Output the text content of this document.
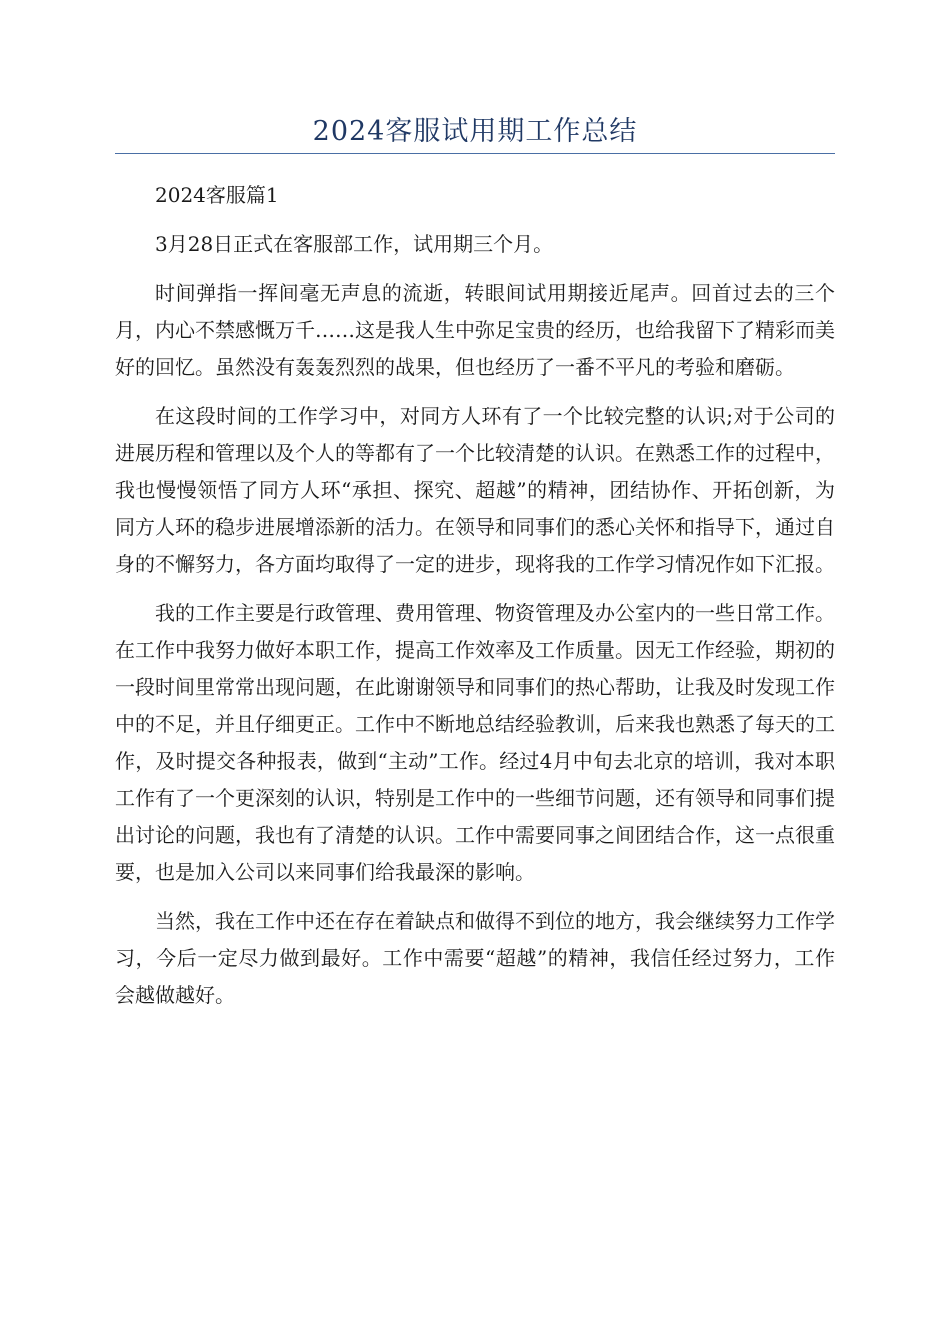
2024客服试用期工作总结

2024客服篇1

3月28日正式在客服部工作，试用期三个月。

时间弹指一挥间毫无声息的流逝，转眼间试用期接近尾声。回首过去的三个月，内心不禁感慨万千……这是我人生中弥足宝贵的经历，也给我留下了精彩而美好的回忆。虽然没有轰轰烈烈的战果，但也经历了一番不平凡的考验和磨砺。

在这段时间的工作学习中，对同方人环有了一个比较完整的认识;对于公司的进展历程和管理以及个人的等都有了一个比较清楚的认识。在熟悉工作的过程中，我也慢慢领悟了同方人环“承担、探究、超越”的精神，团结协作、开拓创新，为同方人环的稳步进展增添新的活力。在领导和同事们的悉心关怀和指导下，通过自身的不懈努力，各方面均取得了一定的进步，现将我的工作学习情况作如下汇报。

我的工作主要是行政管理、费用管理、物资管理及办公室内的一些日常工作。在工作中我努力做好本职工作，提高工作效率及工作质量。因无工作经验，期初的一段时间里常常出现问题，在此谢谢领导和同事们的热心帮助，让我及时发现工作中的不足，并且仔细更正。工作中不断地总结经验教训，后来我也熟悉了每天的工作，及时提交各种报表，做到“主动”工作。经过4月中旬去北京的培训，我对本职工作有了一个更深刻的认识，特别是工作中的一些细节问题，还有领导和同事们提出讨论的问题，我也有了清楚的认识。工作中需要同事之间团结合作，这一点很重要，也是加入公司以来同事们给我最深的影响。

当然，我在工作中还在存在着缺点和做得不到位的地方，我会继续努力工作学习，今后一定尽力做到最好。工作中需要“超越”的精神，我信任经过努力，工作会越做越好。
